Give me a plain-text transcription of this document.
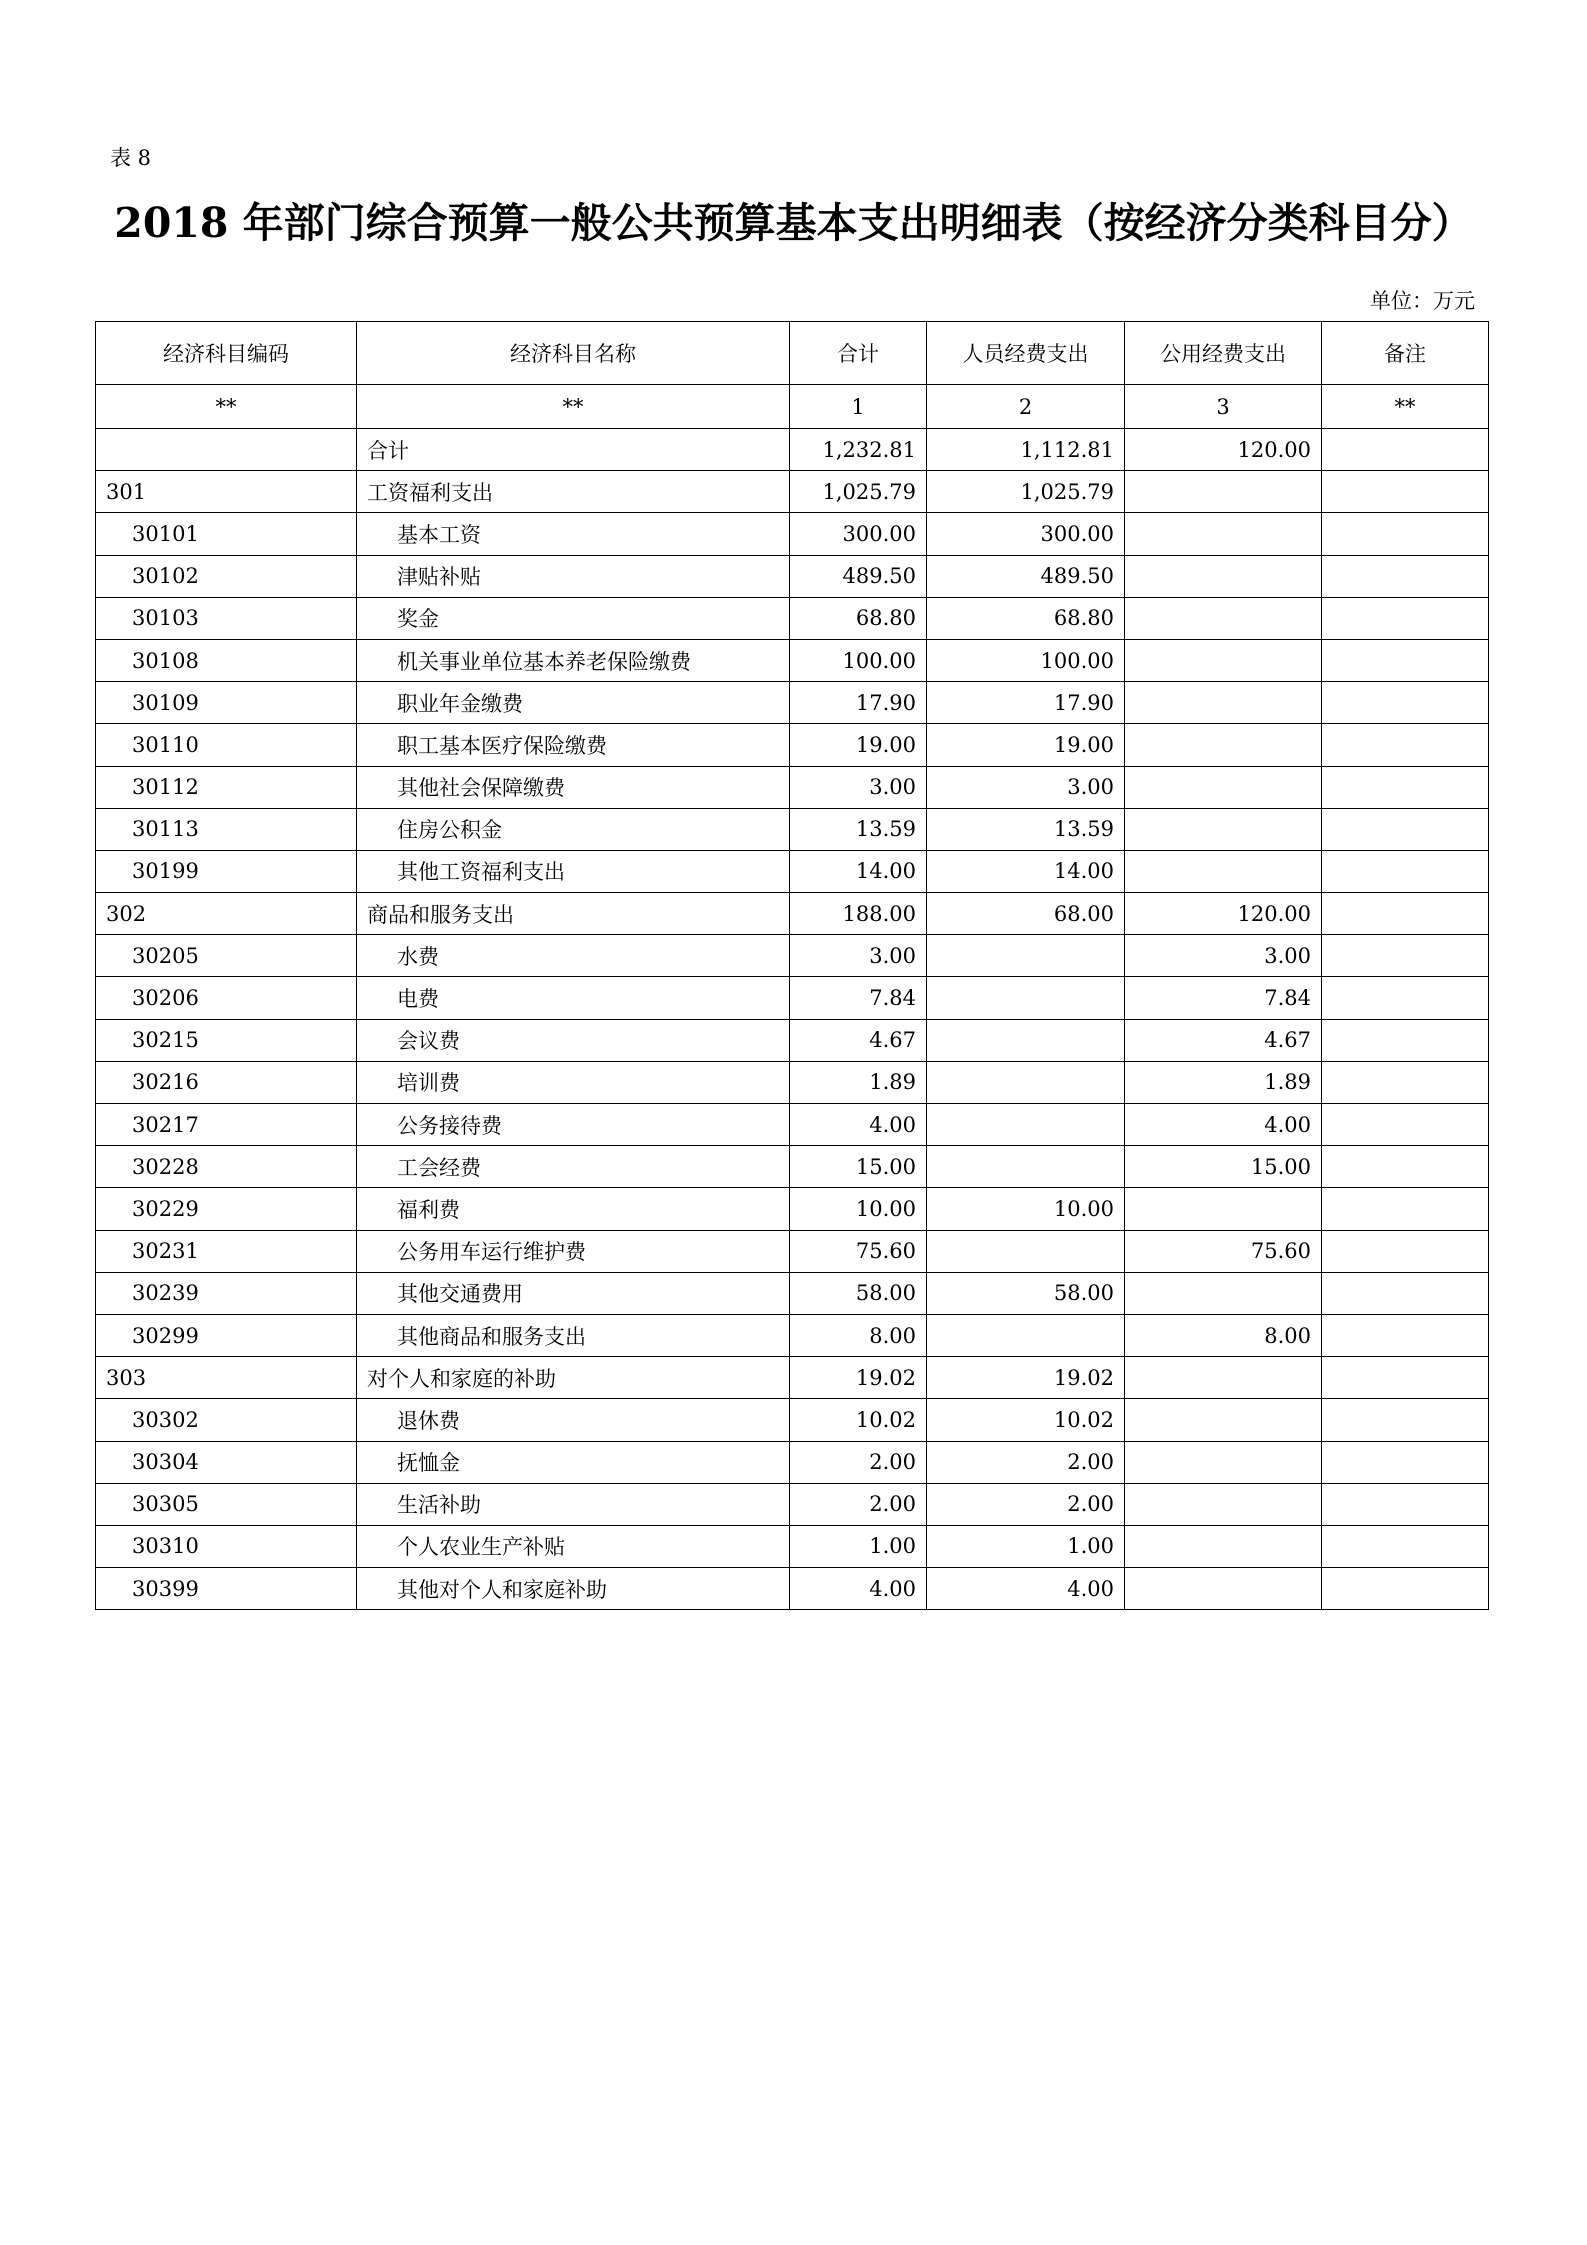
表 8
2018 年部门综合预算一般公共预算基本支出明细表（按经济分类科目分）
单位：万元
经济科目编码	经济科目名称	合计	人员经费支出	公用经费支出	备注
**	**	1	2	3	**
	合计	1,232.81	1,112.81	120.00	
301	工资福利支出	1,025.79	1,025.79		
30101	基本工资	300.00	300.00		
30102	津贴补贴	489.50	489.50		
30103	奖金	68.80	68.80		
30108	机关事业单位基本养老保险缴费	100.00	100.00		
30109	职业年金缴费	17.90	17.90		
30110	职工基本医疗保险缴费	19.00	19.00		
30112	其他社会保障缴费	3.00	3.00		
30113	住房公积金	13.59	13.59		
30199	其他工资福利支出	14.00	14.00		
302	商品和服务支出	188.00	68.00	120.00	
30205	水费	3.00		3.00	
30206	电费	7.84		7.84	
30215	会议费	4.67		4.67	
30216	培训费	1.89		1.89	
30217	公务接待费	4.00		4.00	
30228	工会经费	15.00		15.00	
30229	福利费	10.00	10.00		
30231	公务用车运行维护费	75.60		75.60	
30239	其他交通费用	58.00	58.00		
30299	其他商品和服务支出	8.00		8.00	
303	对个人和家庭的补助	19.02	19.02		
30302	退休费	10.02	10.02		
30304	抚恤金	2.00	2.00		
30305	生活补助	2.00	2.00		
30310	个人农业生产补贴	1.00	1.00		
30399	其他对个人和家庭补助	4.00	4.00		
